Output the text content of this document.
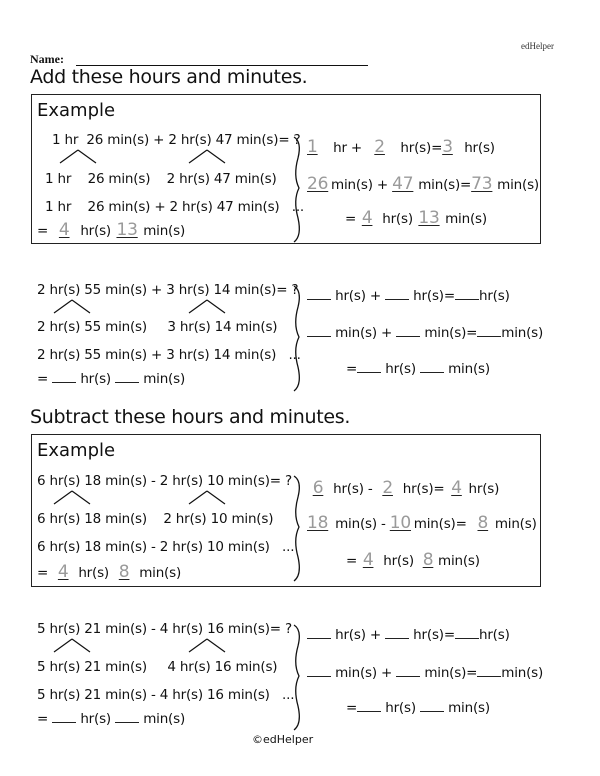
edHelper
Name:
Add these hours and minutes.
Example
1 hr 26 min(s) + 2 hr(s) 47 min(s)= ?
1 hr 26 min(s) 2 hr(s) 47 min(s)
1 hr    26 min(s) + 2 hr(s) 47 min(s)   ...
= 4 hr(s) 13 min(s)
1 hr + 2 hr(s)=3 hr(s)
26 min(s) + 47 min(s)=73 min(s)
= 4 hr(s) 13 min(s)
2 hr(s) 55 min(s) + 3 hr(s) 14 min(s)= ?
2 hr(s) 55 min(s) 3 hr(s) 14 min(s)
2 hr(s) 55 min(s) + 3 hr(s) 14 min(s)   ...
= hr(s) min(s)
hr(s) + hr(s)= hr(s)
min(s) + min(s)= min(s)
= hr(s) min(s)
Subtract these hours and minutes.
Example
6 hr(s) 18 min(s) - 2 hr(s) 10 min(s)= ?
6 hr(s) 18 min(s) 2 hr(s) 10 min(s)
6 hr(s) 18 min(s) - 2 hr(s) 10 min(s)   ...
= 4 hr(s) 8 min(s)
6 hr(s) - 2 hr(s)= 4 hr(s)
18 min(s) - 10 min(s)= 8 min(s)
= 4 hr(s) 8 min(s)
5 hr(s) 21 min(s) - 4 hr(s) 16 min(s)= ?
5 hr(s) 21 min(s) 4 hr(s) 16 min(s)
5 hr(s) 21 min(s) - 4 hr(s) 16 min(s)   ...
= hr(s) min(s)
hr(s) + hr(s)= hr(s)
min(s) + min(s)= min(s)
= hr(s) min(s)
©edHelper
